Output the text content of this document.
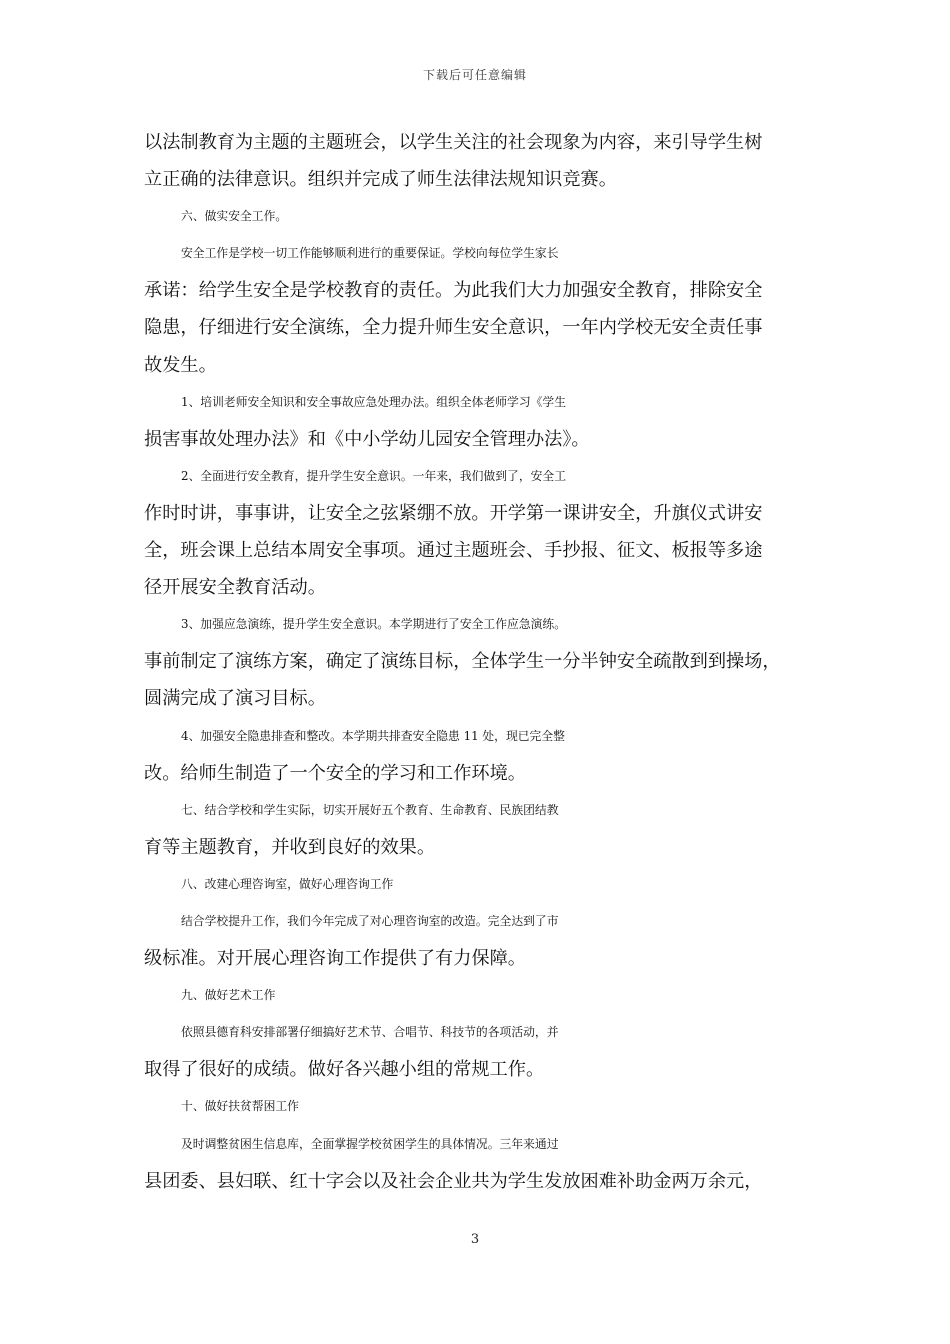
下载后可任意编辑
以法制教育为主题的主题班会，以学生关注的社会现象为内容，来引导学生树
立正确的法律意识。组织并完成了师生法律法规知识竞赛。
六、做实安全工作。
安全工作是学校一切工作能够顺利进行的重要保证。学校向每位学生家长
承诺：给学生安全是学校教育的责任。为此我们大力加强安全教育，排除安全
隐患，仔细进行安全演练，全力提升师生安全意识，一年内学校无安全责任事
故发生。
1、培训老师安全知识和安全事故应急处理办法。组织全体老师学习《学生
损害事故处理办法》和《中小学幼儿园安全管理办法》。
2、全面进行安全教育，提升学生安全意识。一年来，我们做到了，安全工
作时时讲，事事讲，让安全之弦紧绷不放。开学第一课讲安全，升旗仪式讲安
全，班会课上总结本周安全事项。通过主题班会、手抄报、征文、板报等多途
径开展安全教育活动。
3、加强应急演练，提升学生安全意识。本学期进行了安全工作应急演练。
事前制定了演练方案，确定了演练目标，全体学生一分半钟安全疏散到到操场，
圆满完成了演习目标。
4、加强安全隐患排查和整改。本学期共排查安全隐患 11 处，现已完全整
改。给师生制造了一个安全的学习和工作环境。
七、结合学校和学生实际，切实开展好五个教育、生命教育、民族团结教
育等主题教育，并收到良好的效果。
八、改建心理咨询室，做好心理咨询工作
结合学校提升工作，我们今年完成了对心理咨询室的改造。完全达到了市
级标准。对开展心理咨询工作提供了有力保障。
九、做好艺术工作
依照县德育科安排部署仔细搞好艺术节、合唱节、科技节的各项活动，并
取得了很好的成绩。做好各兴趣小组的常规工作。
十、做好扶贫帮困工作
及时调整贫困生信息库，全面掌握学校贫困学生的具体情况。三年来通过
县团委、县妇联、红十字会以及社会企业共为学生发放困难补助金两万余元，
3
